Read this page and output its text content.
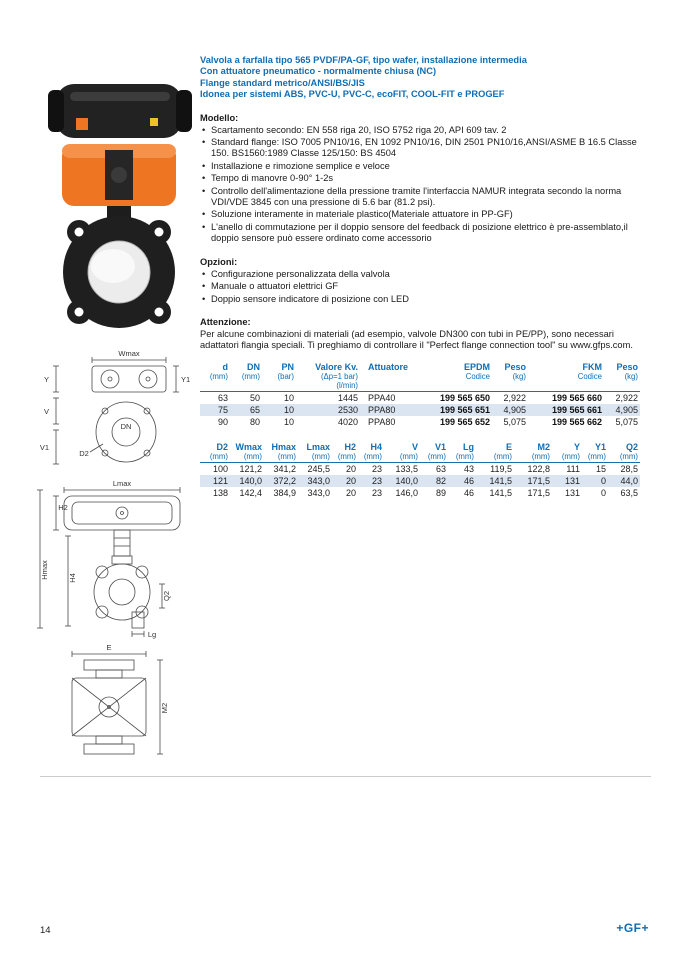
Wmax
Y1
Y
V
V1
DN
D2
Lmax
Hmax
H2
H4
Q2
Lg
E
M2
Valvola a farfalla tipo 565 PVDF/PA-GF, tipo wafer, installazione intermedia
Con attuatore pneumatico - normalmente chiusa (NC)
Flange standard metrico/ANSI/BS/JIS
Idonea per sistemi ABS, PVC-U, PVC-C, ecoFIT, COOL-FIT e PROGEF
Modello:
• Scartamento secondo: EN 558 riga 20, ISO 5752 riga 20, API 609 tav. 2
• Standard flange: ISO 7005 PN10/16, EN 1092 PN10/16, DIN 2501 PN10/16,ANSI/ASME B 16.5 Classe 150. BS1560:1989 Classe 125/150: BS 4504
• Installazione e rimozione semplice e veloce
• Tempo di manovre 0-90° 1-2s
• Controllo dell'alimentazione della pressione tramite l'interfaccia NAMUR integrata secondo la norma VDI/VDE 3845 con una pressione di 5.6 bar (81.2 psi).
• Soluzione interamente in materiale plastico(Materiale attuatore in PP-GF)
• L'anello di commutazione per il doppio sensore del feedback di posizione elettrico è pre-assemblato,il doppio sensore può essere ordinato come accessorio
Opzioni:
• Configurazione personalizzata della valvola
• Manuale o attuatori elettrici GF
• Doppio sensore indicatore di posizione con LED
Attenzione:

Per alcune combinazioni di materiali (ad esempio, valvole DN300 con tubi in PE/PP), sono necessari adattatori flangia speciali. Ti preghiamo di controllare il "Perfect flange connection tool" su www.gfps.com.

d	DN	PN	Valore Kv.	Attuatore	EPDM	Peso	FKM	Peso
(mm)	(mm)	(bar)	(Δp=1 bar)		Codice	(kg)	Codice	(kg)
			(l/min)					
63	50	10	1445	PPA40	199 565 650	2,922	199 565 660	2,922
75	65	10	2530	PPA80	199 565 651	4,905	199 565 661	4,905
90	80	10	4020	PPA80	199 565 652	5,075	199 565 662	5,075
D2	Wmax	Hmax	Lmax	H2	H4	V	V1	Lg	E	M2	Y	Y1	Q2
(mm)	(mm)	(mm)	(mm)	(mm)	(mm)	(mm)	(mm)	(mm)	(mm)	(mm)	(mm)	(mm)	(mm)
100	121,2	341,2	245,5	20	23	133,5	63	43	119,5	122,8	111	15	28,5
121	140,0	372,2	343,0	20	23	140,0	82	46	141,5	171,5	131	0	44,0
138	142,4	384,9	343,0	20	23	146,0	89	46	141,5	171,5	131	0	63,5
14	+GF+
